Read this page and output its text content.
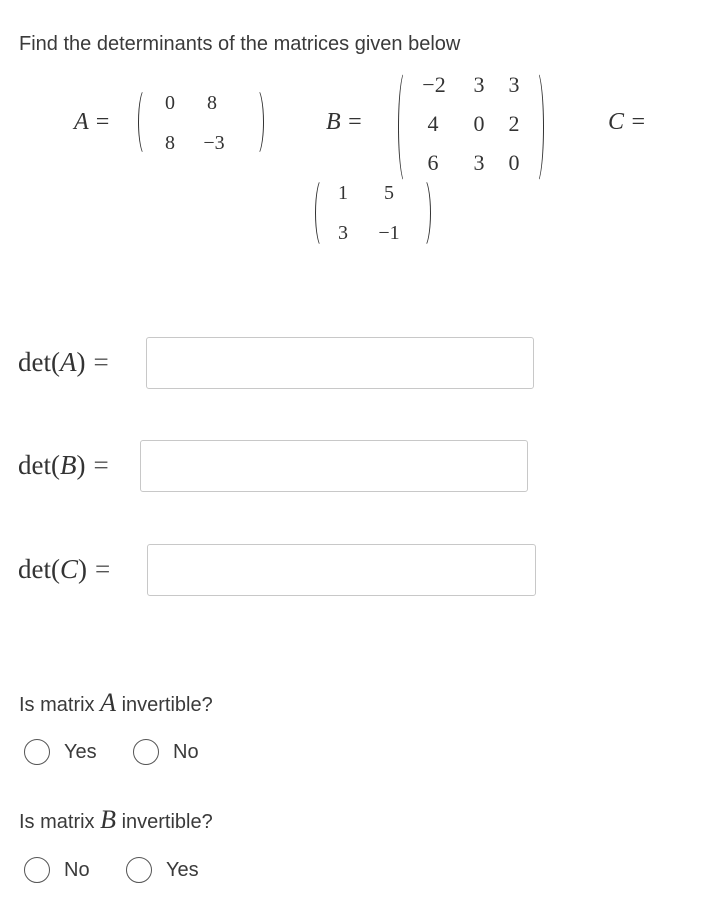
Find the determinants of the matrices given below
A =
0 8
8	−3
B =
−2	3	3
4	0	2
6	3	0
C =
1	5
3	−1
det(A) =
det(B) =
det(C) =
Is matrix A invertible?
Yes	No
Is matrix B invertible?
No	Yes
